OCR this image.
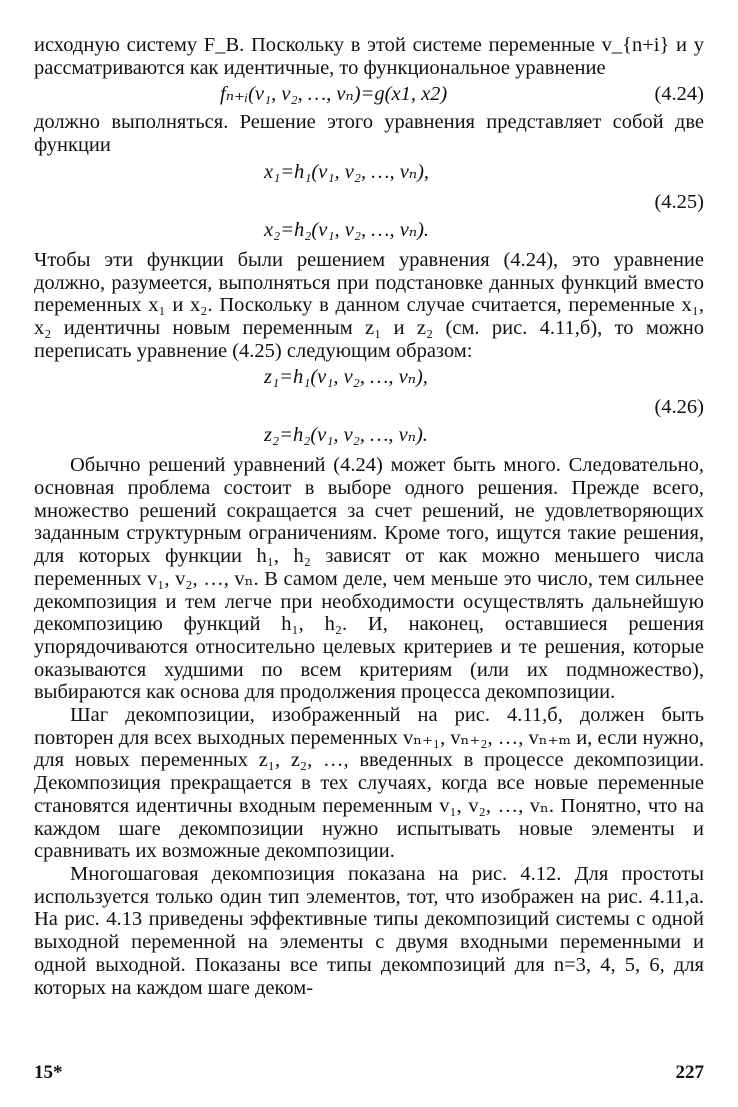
исходную систему F_B. Поскольку в этой системе переменные v_{n+i} и y рассматриваются как идентичные, то функциональное уравнение

fₙ₊ᵢ(v₁, v₂, …, vₙ)=g(x1, x2)	(4.24)

должно выполняться. Решение этого уравнения представляет собой две функции

x₁=h₁(v₁, v₂, …, vₙ),
(4.25)
x₂=h₂(v₁, v₂, …, vₙ).

Чтобы эти функции были решением уравнения (4.24), это уравнение должно, разумеется, выполняться при подстановке данных функций вместо переменных x₁ и x₂. Поскольку в данном случае считается, переменные x₁, x₂ идентичны новым переменным z₁ и z₂ (см. рис. 4.11,б), то можно переписать уравнение (4.25) следующим образом:

z₁=h₁(v₁, v₂, …, vₙ),
(4.26)
z₂=h₂(v₁, v₂, …, vₙ).

Обычно решений уравнений (4.24) может быть много. Следовательно, основная проблема состоит в выборе одного решения. Прежде всего, множество решений сокращается за счет решений, не удовлетворяющих заданным структурным ограничениям. Кроме того, ищутся такие решения, для которых функции h₁, h₂ зависят от как можно меньшего числа переменных v₁, v₂, …, vₙ. В самом деле, чем меньше это число, тем сильнее декомпозиция и тем легче при необходимости осуществлять дальнейшую декомпозицию функций h₁, h₂. И, наконец, оставшиеся решения упорядочиваются относительно целевых критериев и те решения, которые оказываются худшими по всем критериям (или их подмножество), выбираются как основа для продолжения процесса декомпозиции.

Шаг декомпозиции, изображенный на рис. 4.11,б, должен быть повторен для всех выходных переменных vₙ₊₁, vₙ₊₂, …, vₙ₊ₘ и, если нужно, для новых переменных z₁, z₂, …, введенных в процессе декомпозиции. Декомпозиция прекращается в тех случаях, когда все новые переменные становятся идентичны входным переменным v₁, v₂, …, vₙ. Понятно, что на каждом шаге декомпозиции нужно испытывать новые элементы и сравнивать их возможные декомпозиции.

Многошаговая декомпозиция показана на рис. 4.12. Для простоты используется только один тип элементов, тот, что изображен на рис. 4.11,а. На рис. 4.13 приведены эффективные типы декомпозиций системы с одной выходной переменной на элементы с двумя входными переменными и одной выходной. Показаны все типы декомпозиций для n=3, 4, 5, 6, для которых на каждом шаге деком-

15*	227
